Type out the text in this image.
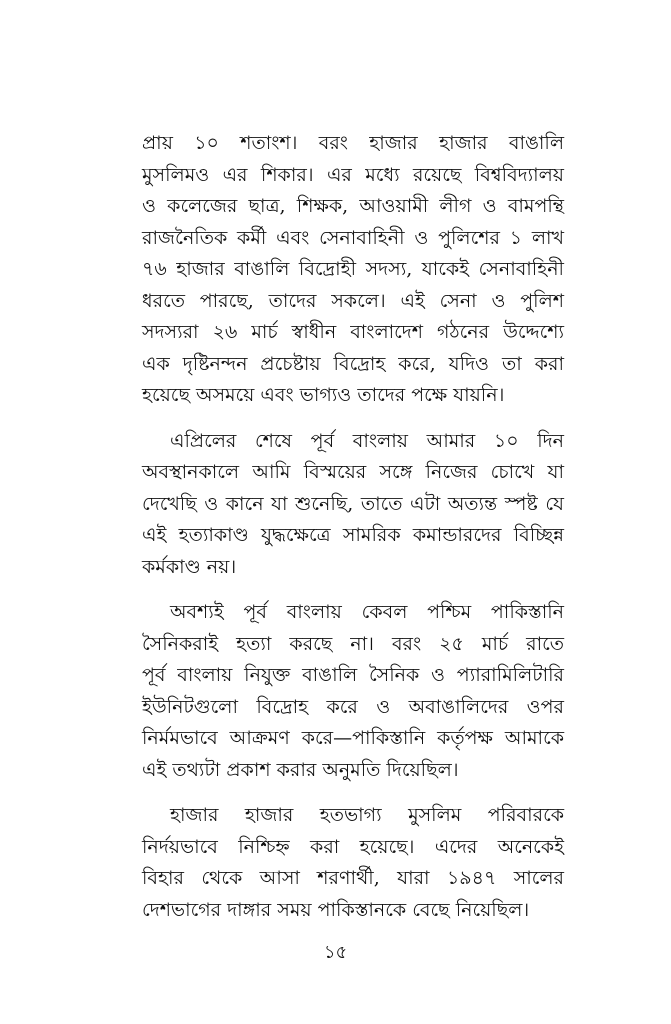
প্রায় ১০ শতাংশ। বরং হাজার হাজার বাঙালি
মুসলিমও এর শিকার। এর মধ্যে রয়েছে বিশ্ববিদ্যালয়
ও কলেজের ছাত্র, শিক্ষক, আওয়ামী লীগ ও বামপন্থি
রাজনৈতিক কর্মী এবং সেনাবাহিনী ও পুলিশের ১ লাখ
৭৬ হাজার বাঙালি বিদ্রোহী সদস্য, যাকেই সেনাবাহিনী
ধরতে পারছে, তাদের সকলে। এই সেনা ও পুলিশ
সদস্যরা ২৬ মার্চ স্বাধীন বাংলাদেশ গঠনের উদ্দেশ্যে
এক দৃষ্টিনন্দন প্রচেষ্টায় বিদ্রোহ করে, যদিও তা করা
হয়েছে অসময়ে এবং ভাগ্যও তাদের পক্ষে যায়নি।

এপ্রিলের শেষে পূর্ব বাংলায় আমার ১০ দিন
অবস্থানকালে আমি বিস্ময়ের সঙ্গে নিজের চোখে যা
দেখেছি ও কানে যা শুনেছি, তাতে এটা অত্যন্ত স্পষ্ট যে
এই হত্যাকাণ্ড যুদ্ধক্ষেত্রে সামরিক কমান্ডারদের বিচ্ছিন্ন
কর্মকাণ্ড নয়।

অবশ্যই পূর্ব বাংলায় কেবল পশ্চিম পাকিস্তানি
সৈনিকরাই হত্যা করছে না। বরং ২৫ মার্চ রাতে
পূর্ব বাংলায় নিযুক্ত বাঙালি সৈনিক ও প্যারামিলিটারি
ইউনিটগুলো বিদ্রোহ করে ও অবাঙালিদের ওপর
নির্মমভাবে আক্রমণ করে—পাকিস্তানি কর্তৃপক্ষ আমাকে
এই তথ্যটা প্রকাশ করার অনুমতি দিয়েছিল।

হাজার হাজার হতভাগ্য মুসলিম পরিবারকে
নির্দয়ভাবে নিশ্চিহ্ন করা হয়েছে। এদের অনেকেই
বিহার থেকে আসা শরণার্থী, যারা ১৯৪৭ সালের
দেশভাগের দাঙ্গার সময় পাকিস্তানকে বেছে নিয়েছিল।

১৫
